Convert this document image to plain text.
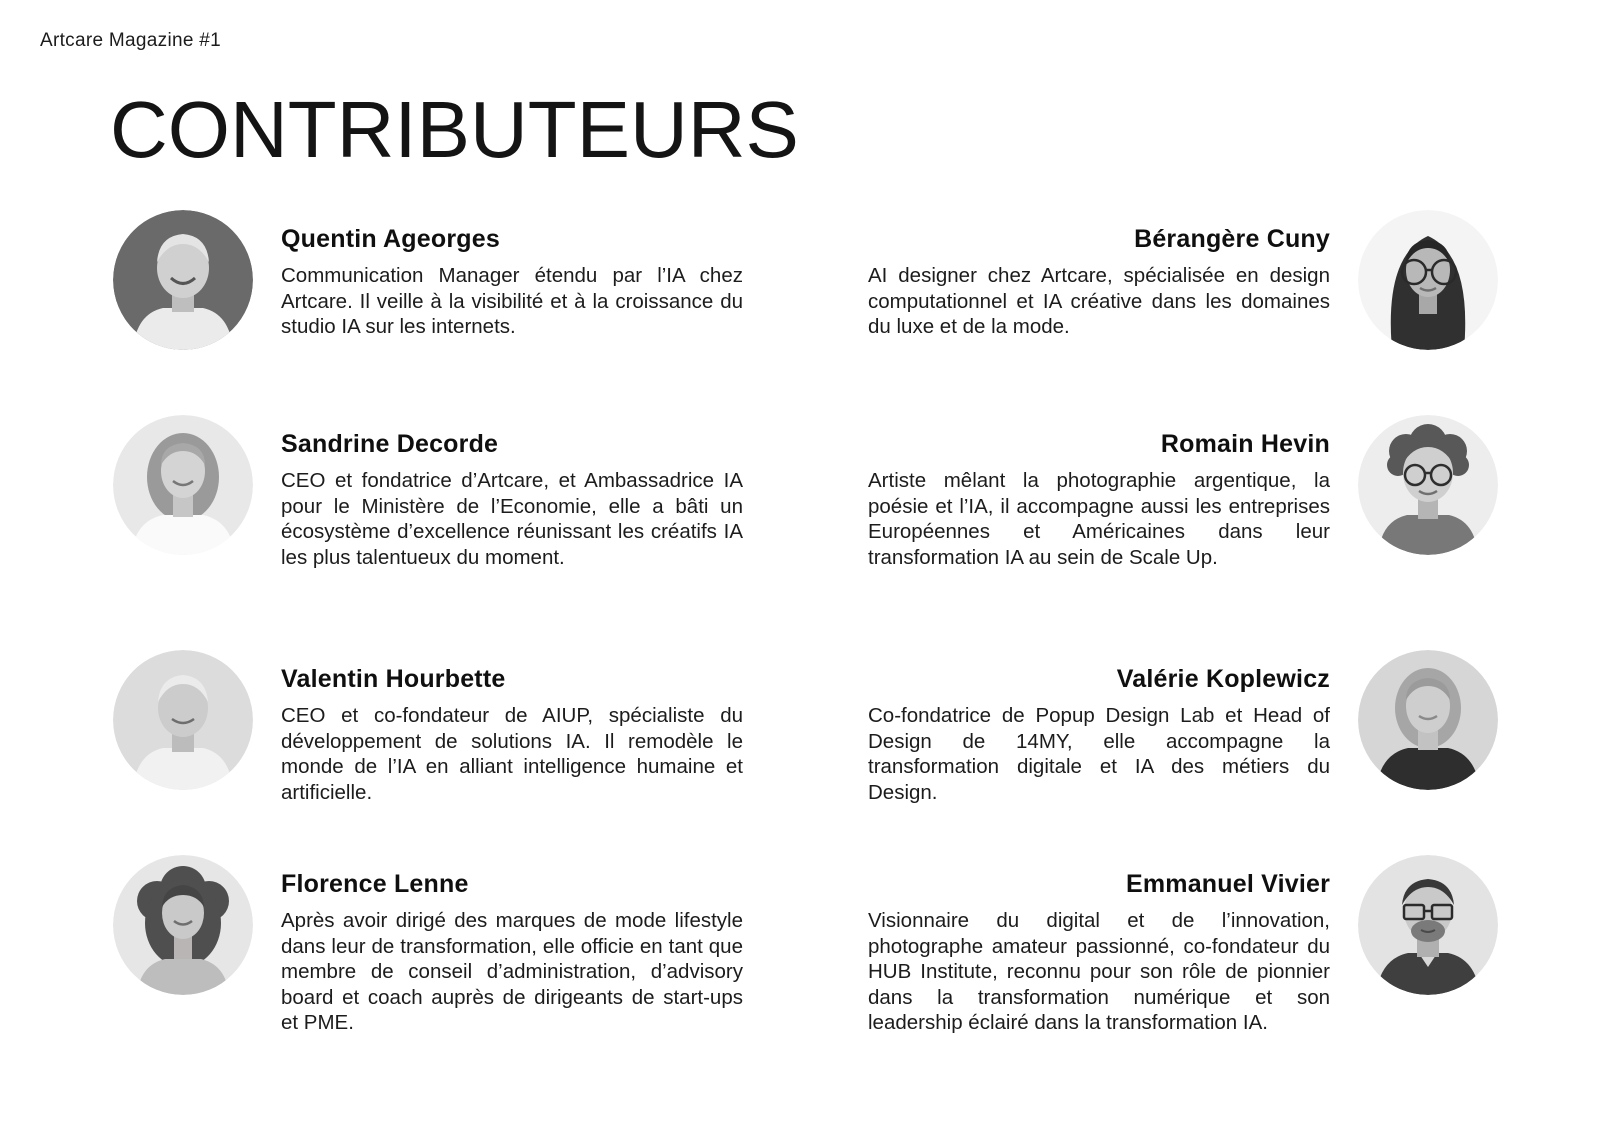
Artcare Magazine #1
CONTRIBUTEURS
Quentin Ageorges
Communication Manager étendu par l’IA chez Artcare. Il veille à la visibilité et à la croissance du studio IA sur les internets.
Sandrine Decorde
CEO et fondatrice d’Artcare, et Ambassadrice IA pour le Ministère de l’Economie, elle a bâti un écosystème d’excellence réunissant les créatifs IA les plus talentueux du moment.
Valentin Hourbette
CEO et co-fondateur de AIUP, spécialiste du développement de solutions IA. Il remodèle le monde de l’IA en alliant intelligence humaine et artificielle.
Florence Lenne
Après avoir dirigé des marques de mode lifestyle dans leur de transformation, elle officie en tant que membre de conseil d’administration, d’advisory board et coach auprès de dirigeants de start-ups et PME.
Bérangère Cuny
AI designer chez Artcare, spécialisée en design computationnel et IA créative dans les domaines du luxe et de la mode.
Romain Hevin
Artiste mêlant la photographie argentique, la poésie et l’IA, il accompagne aussi les entreprises Européennes et Américaines dans leur transformation IA au sein de Scale Up.
Valérie Koplewicz
Co-fondatrice de Popup Design Lab et Head of Design de 14MY, elle accompagne la transformation digitale et IA des métiers du Design.
Emmanuel Vivier
Visionnaire du digital et de l’innovation, photographe amateur passionné, co-fondateur du HUB Institute, reconnu pour son rôle de pionnier dans la transformation numérique et son leadership éclairé dans la transformation IA.
